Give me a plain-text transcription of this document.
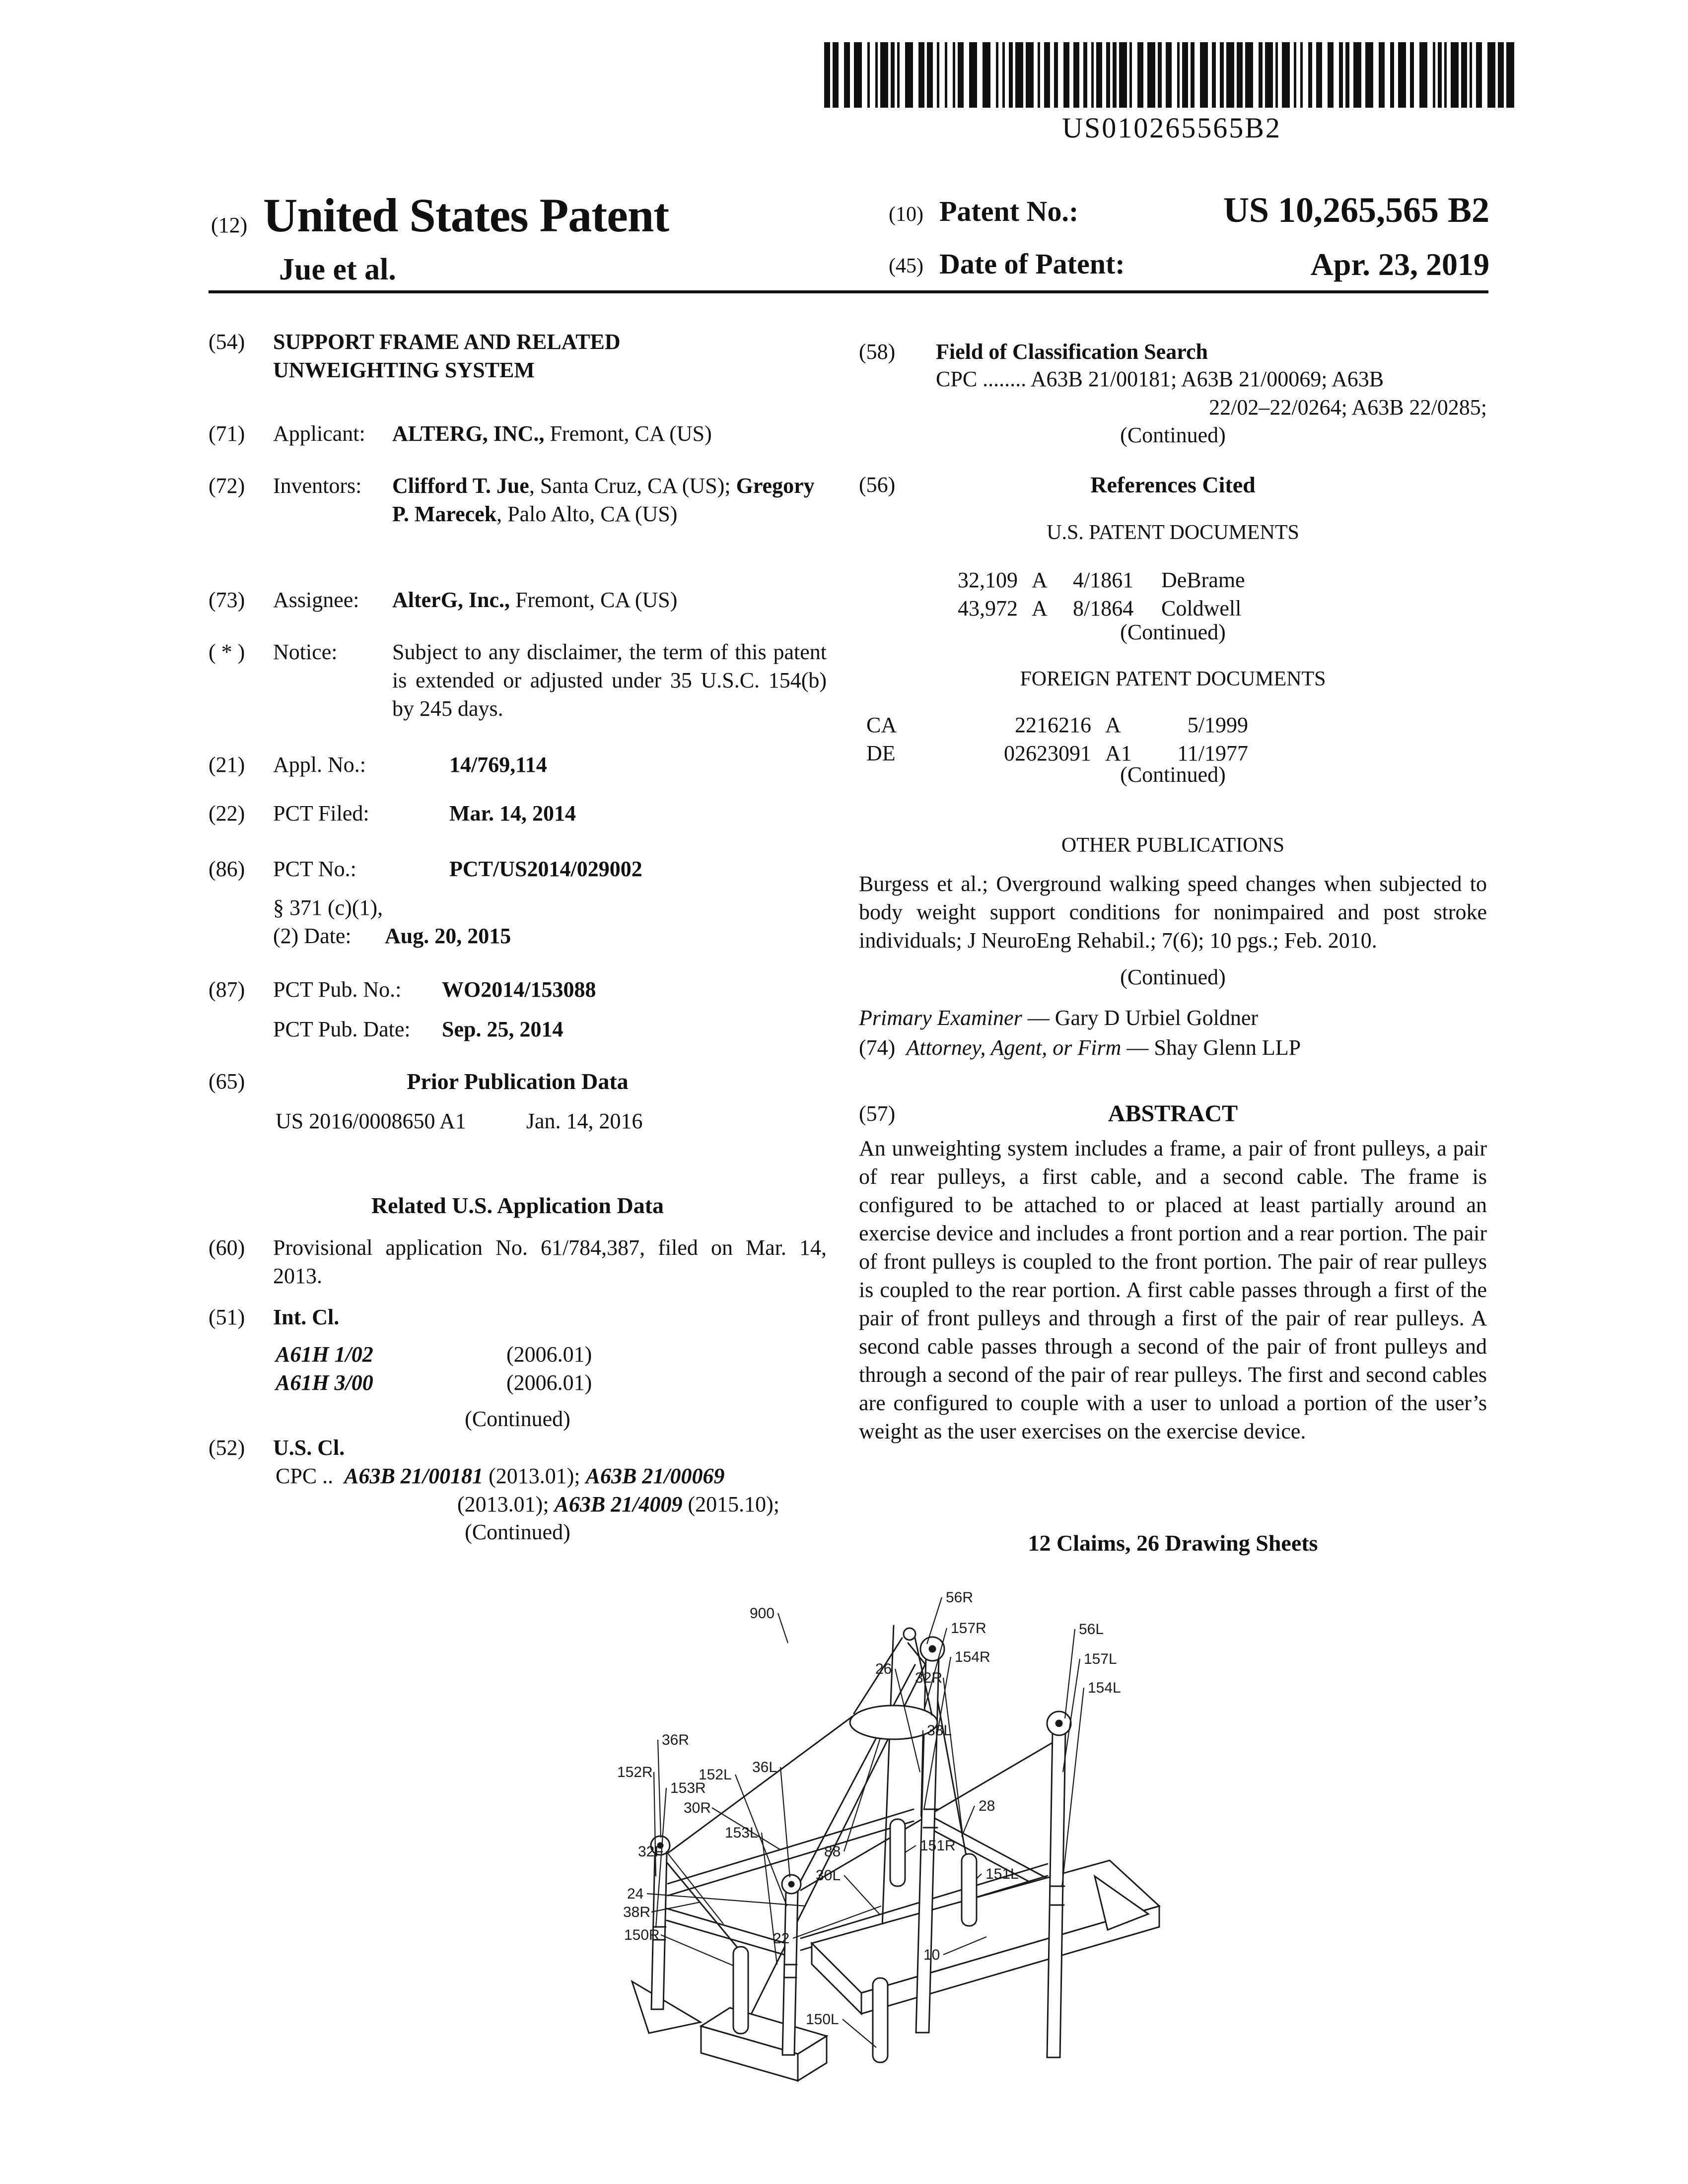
US010265565B2
(12) United States Patent
Jue et al.
(10) Patent No.:	US 10,265,565 B2
(45) Date of Patent:	Apr. 23, 2019
(54)	SUPPORT FRAME AND RELATED UNWEIGHTING SYSTEM
(71)	Applicant:	ALTERG, INC., Fremont, CA (US)
(72)	Inventors:	Clifford T. Jue, Santa Cruz, CA (US); Gregory P. Marecek, Palo Alto, CA (US)
(73)	Assignee:	AlterG, Inc., Fremont, CA (US)
( * )	Notice:	Subject to any disclaimer, the term of this patent is extended or adjusted under 35 U.S.C. 154(b) by 245 days.
(21)	Appl. No.:	14/769,114
(22)	PCT Filed:	Mar. 14, 2014
(86)	PCT No.:	PCT/US2014/029002
§ 371 (c)(1),
(2) Date:	Aug. 20, 2015
(87)	PCT Pub. No.:	WO2014/153088
PCT Pub. Date:	Sep. 25, 2014
(65)	Prior Publication Data
US 2016/0008650 A1	Jan. 14, 2016
Related U.S. Application Data
(60)	Provisional application No. 61/784,387, filed on Mar. 14, 2013.
(51)	Int. Cl.
A61H 1/02	(2006.01)
A61H 3/00	(2006.01)
(Continued)
(52)	U.S. Cl.
CPC .. A63B 21/00181 (2013.01); A63B 21/00069
(2013.01); A63B 21/4009 (2015.10);
(Continued)
(58)	Field of Classification Search
CPC ........ A63B 21/00181; A63B 21/00069; A63B
22/02–22/0264; A63B 22/0285;
(Continued)
(56)	References Cited
U.S. PATENT DOCUMENTS
32,109 A	4/1861	DeBrame
43,972 A	8/1864	Coldwell
(Continued)
FOREIGN PATENT DOCUMENTS
CA	2216216 A	5/1999
DE	02623091 A1	11/1977
(Continued)
OTHER PUBLICATIONS
Burgess et al.; Overground walking speed changes when subjected to body weight support conditions for nonimpaired and post stroke individuals; J NeuroEng Rehabil.; 7(6); 10 pgs.; Feb. 2010.
(Continued)
Primary Examiner — Gary D Urbiel Goldner
(74) Attorney, Agent, or Firm — Shay Glenn LLP
(57)	ABSTRACT
An unweighting system includes a frame, a pair of front pulleys, a pair of rear pulleys, a first cable, and a second cable. The frame is configured to be attached to or placed at least partially around an exercise device and includes a front portion and a rear portion. The pair of front pulleys is coupled to the front portion. The pair of rear pulleys is coupled to the rear portion. A first cable passes through a first of the pair of front pulleys and through a first of the pair of rear pulleys. A second cable passes through a second of the pair of front pulleys and through a second of the pair of rear pulleys. The first and second cables are configured to couple with a user to unload a portion of the user’s weight as the user exercises on the exercise device.
12 Claims, 26 Drawing Sheets
900
56R
157R
154R
56L
157L
154L
26
32R
38L
36R
152R	36L
152L
153R
30R
153L
32F	88
30L
151R
28
151L
24
38R
150R	22
10
150L
